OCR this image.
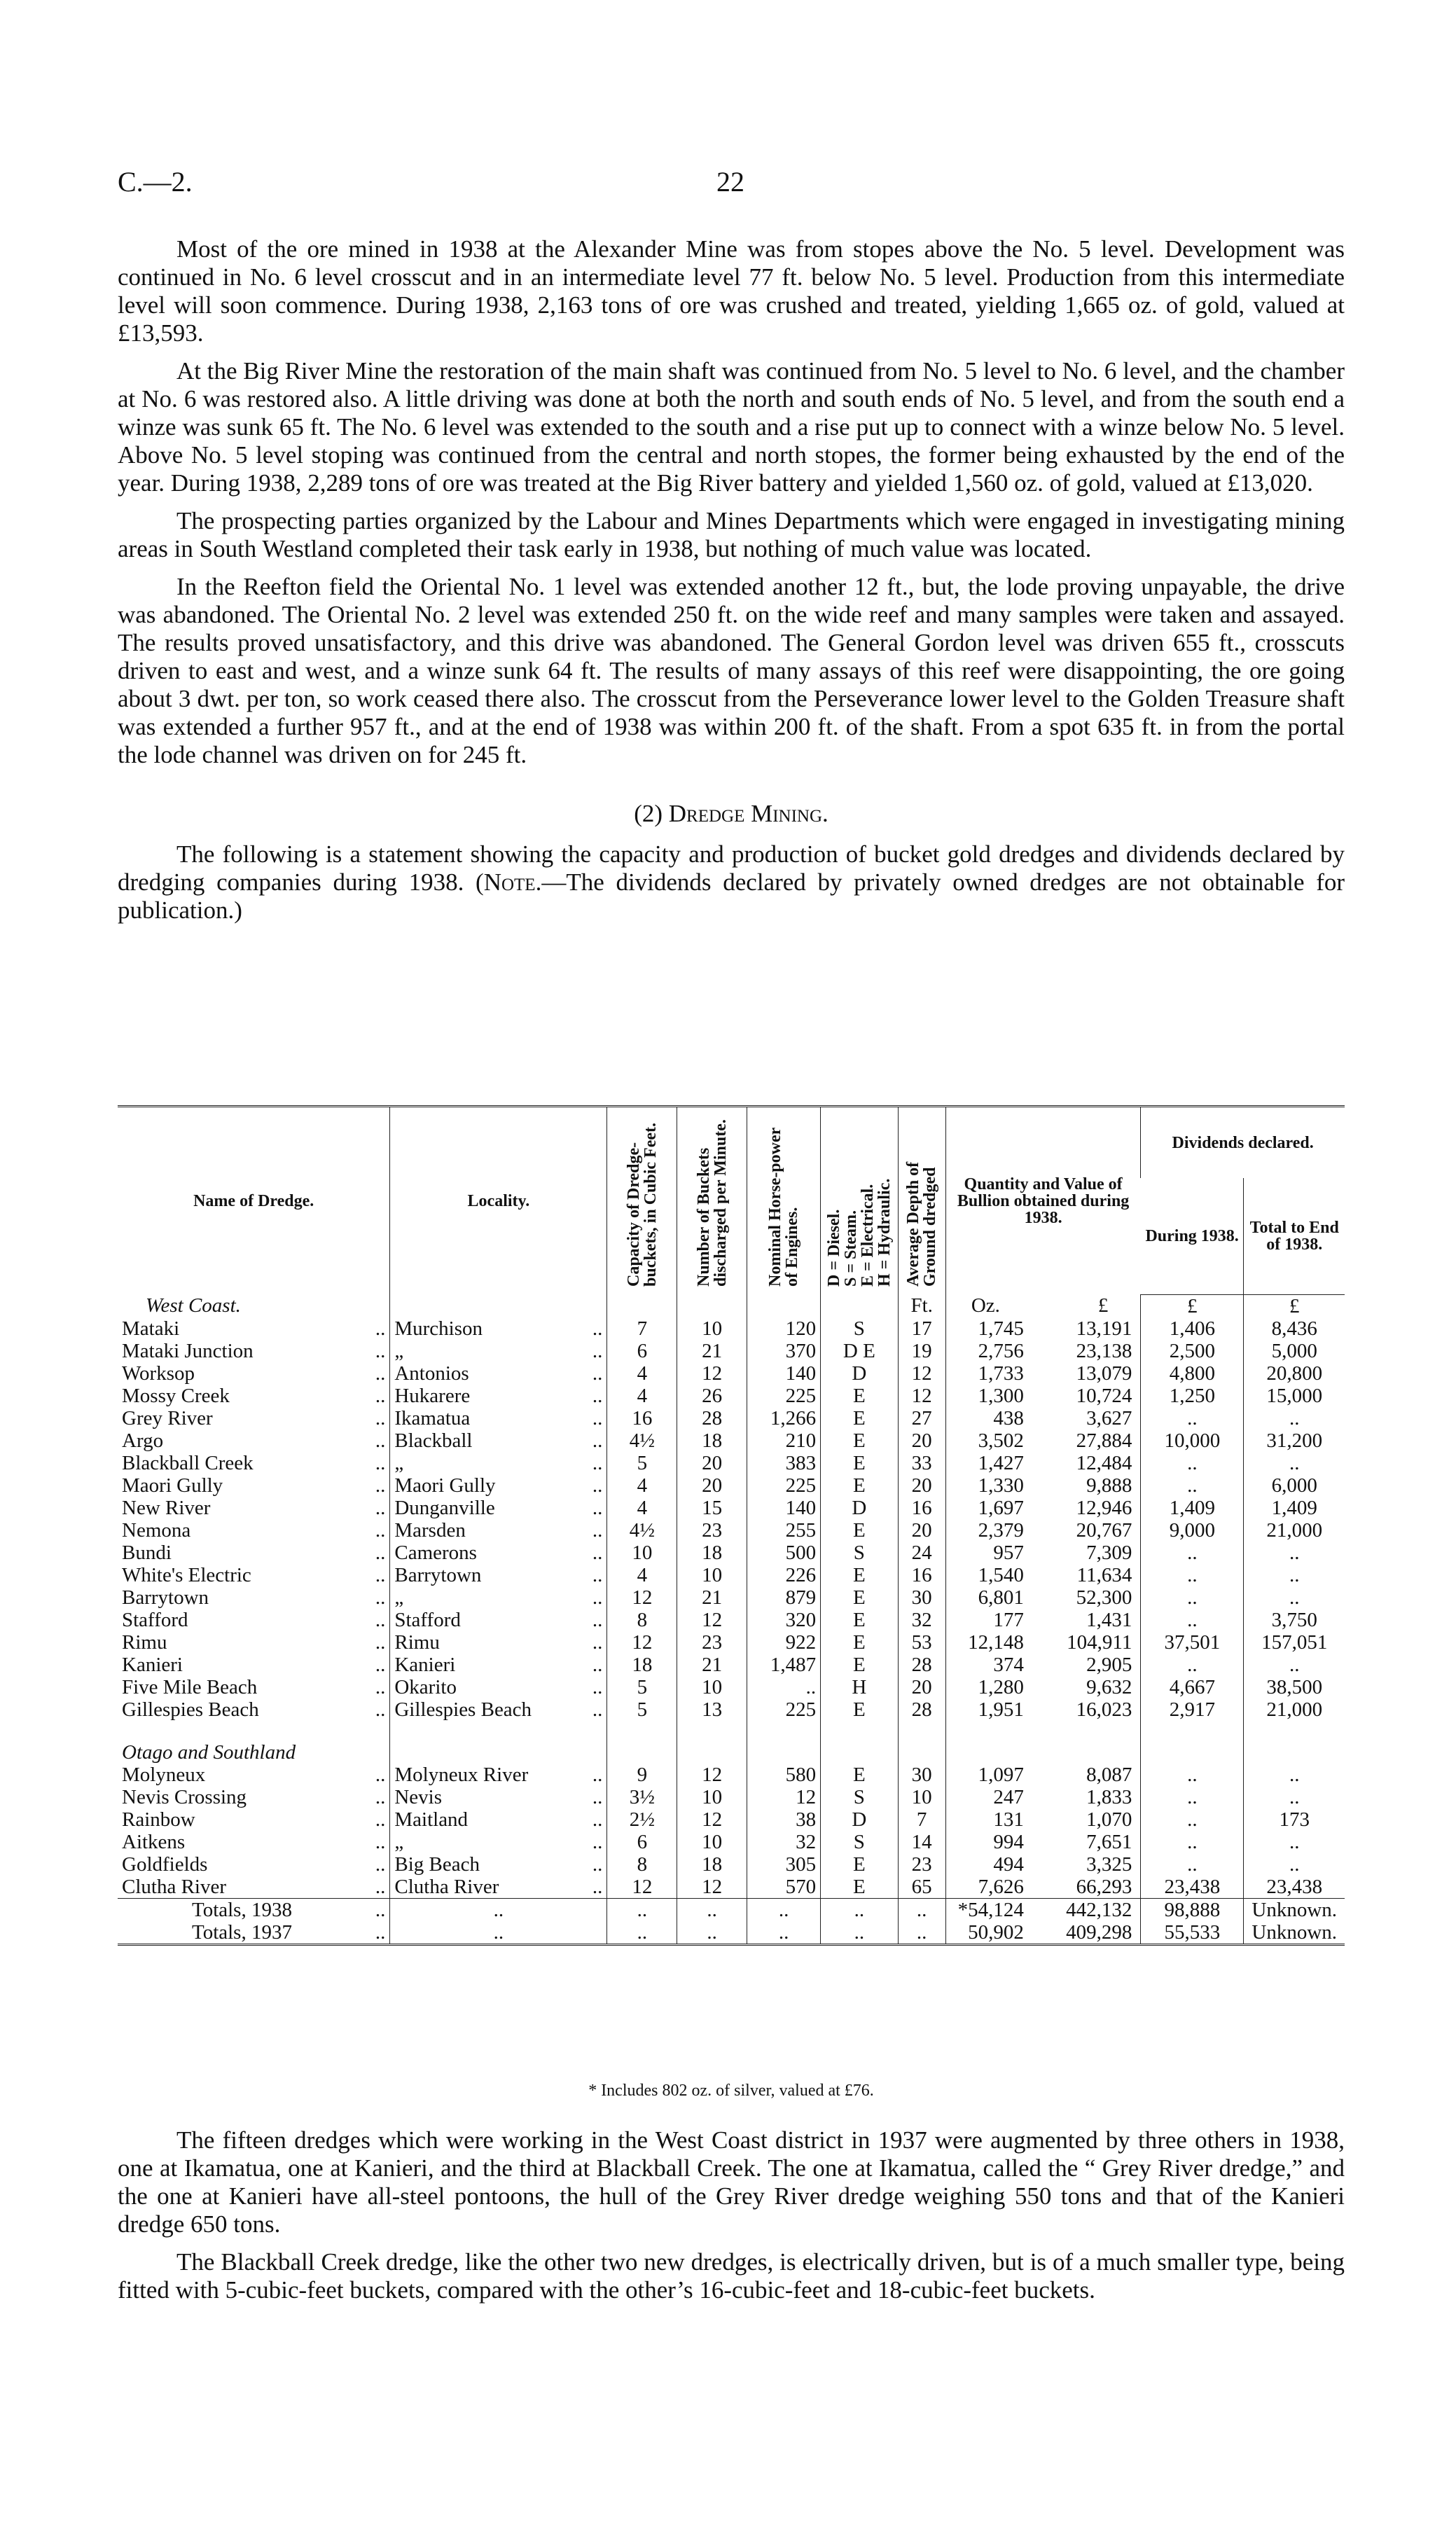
C.—2.	22

Most of the ore mined in 1938 at the Alexander Mine was from stopes above the No. 5 level. Development was continued in No. 6 level crosscut and in an intermediate level 77 ft. below No. 5 level. Production from this intermediate level will soon commence. During 1938, 2,163 tons of ore was crushed and treated, yielding 1,665 oz. of gold, valued at £13,593.

At the Big River Mine the restoration of the main shaft was continued from No. 5 level to No. 6 level, and the chamber at No. 6 was restored also. A little driving was done at both the north and south ends of No. 5 level, and from the south end a winze was sunk 65 ft. The No. 6 level was extended to the south and a rise put up to connect with a winze below No. 5 level. Above No. 5 level stoping was continued from the central and north stopes, the former being exhausted by the end of the year. During 1938, 2,289 tons of ore was treated at the Big River battery and yielded 1,560 oz. of gold, valued at £13,020.

The prospecting parties organized by the Labour and Mines Departments which were engaged in investigating mining areas in South Westland completed their task early in 1938, but nothing of much value was located.

In the Reefton field the Oriental No. 1 level was extended another 12 ft., but, the lode proving unpayable, the drive was abandoned. The Oriental No. 2 level was extended 250 ft. on the wide reef and many samples were taken and assayed. The results proved unsatisfactory, and this drive was abandoned. The General Gordon level was driven 655 ft., crosscuts driven to east and west, and a winze sunk 64 ft. The results of many assays of this reef were disappointing, the ore going about 3 dwt. per ton, so work ceased there also. The crosscut from the Perseverance lower level to the Golden Treasure shaft was extended a further 957 ft., and at the end of 1938 was within 200 ft. of the shaft. From a spot 635 ft. in from the portal the lode channel was driven on for 245 ft.

(2) Dredge Mining.

The following is a statement showing the capacity and production of bucket gold dredges and dividends declared by dredging companies during 1938. (Note.—The dividends declared by privately owned dredges are not obtainable for publication.)

Name of Dredge.	Locality.	Capacity of Dredge-buckets, in Cubic Feet.	Number of Buckets discharged per Minute.	Nominal Horse-power of Engines.	D = Diesel.
S = Steam.
E = Electrical.
H = Hydraulic.	Average Depth of Ground dredged	Quantity and Value of Bullion obtained during 1938.	Dividends declared.	
								During 1938.	Total to End of 1938.
West Coast.						Ft.	Oz. £	£	£

Mataki ..	Murchison ..	7	10	120	S	17	1,745 13,191	1,406	8,436

Mataki Junction ..	„ ..	6	21	370	D E	19	2,756 23,138	2,500	5,000

Worksop ..	Antonios ..	4	12	140	D	12	1,733 13,079	4,800	20,800

Mossy Creek ..	Hukarere ..	4	26	225	E	12	1,300 10,724	1,250	15,000

Grey River ..	Ikamatua ..	16	28	1,266	E	27	438 3,627	..	..

Argo ..	Blackball ..	4½	18	210	E	20	3,502 27,884	10,000	31,200

Blackball Creek ..	„ ..	5	20	383	E	33	1,427 12,484	..	..

Maori Gully ..	Maori Gully ..	4	20	225	E	20	1,330 9,888	..	6,000

New River ..	Dunganville ..	4	15	140	D	16	1,697 12,946	1,409	1,409

Nemona ..	Marsden ..	4½	23	255	E	20	2,379 20,767	9,000	21,000

Bundi ..	Camerons ..	10	18	500	S	24	957 7,309	..	..

White's Electric ..	Barrytown ..	4	10	226	E	16	1,540 11,634	..	..

Barrytown ..	„ ..	12	21	879	E	30	6,801 52,300	..	..

Stafford ..	Stafford ..	8	12	320	E	32	177 1,431	..	3,750

Rimu ..	Rimu ..	12	23	922	E	53	12,148 104,911	37,501	157,051

Kanieri ..	Kanieri ..	18	21	1,487	E	28	374 2,905	..	..

Five Mile Beach ..	Okarito ..	5	10	..	H	20	1,280 9,632	4,667	38,500

Gillespies Beach ..	Gillespies Beach ..	5	13	225	E	28	1,951 16,023	2,917	21,000
Otago and Southland									

Molyneux ..	Molyneux River ..	9	12	580	E	30	1,097 8,087	..	..

Nevis Crossing ..	Nevis ..	3½	10	12	S	10	247 1,833	..	..

Rainbow ..	Maitland ..	2½	12	38	D	7	131 1,070	..	173

Aitkens ..	„ ..	6	10	32	S	14	994 7,651	..	..

Goldfields ..	Big Beach ..	8	18	305	E	23	494 3,325	..	..

Clutha River ..	Clutha River ..	12	12	570	E	65	7,626 66,293	23,438	23,438

Totals, 1938 ..	..	..	..	..	..	..	*54,124 442,132	98,888	Unknown.

Totals, 1937 ..	..	..	..	..	..	..	50,902 409,298	55,533	Unknown.
* Includes 802 oz. of silver, valued at £76.

The fifteen dredges which were working in the West Coast district in 1937 were augmented by three others in 1938, one at Ikamatua, one at Kanieri, and the third at Blackball Creek. The one at Ikamatua, called the “ Grey River dredge,” and the one at Kanieri have all-steel pontoons, the hull of the Grey River dredge weighing 550 tons and that of the Kanieri dredge 650 tons.

The Blackball Creek dredge, like the other two new dredges, is electrically driven, but is of a much smaller type, being fitted with 5-cubic-feet buckets, compared with the other’s 16-cubic-feet and 18-cubic-feet buckets.
